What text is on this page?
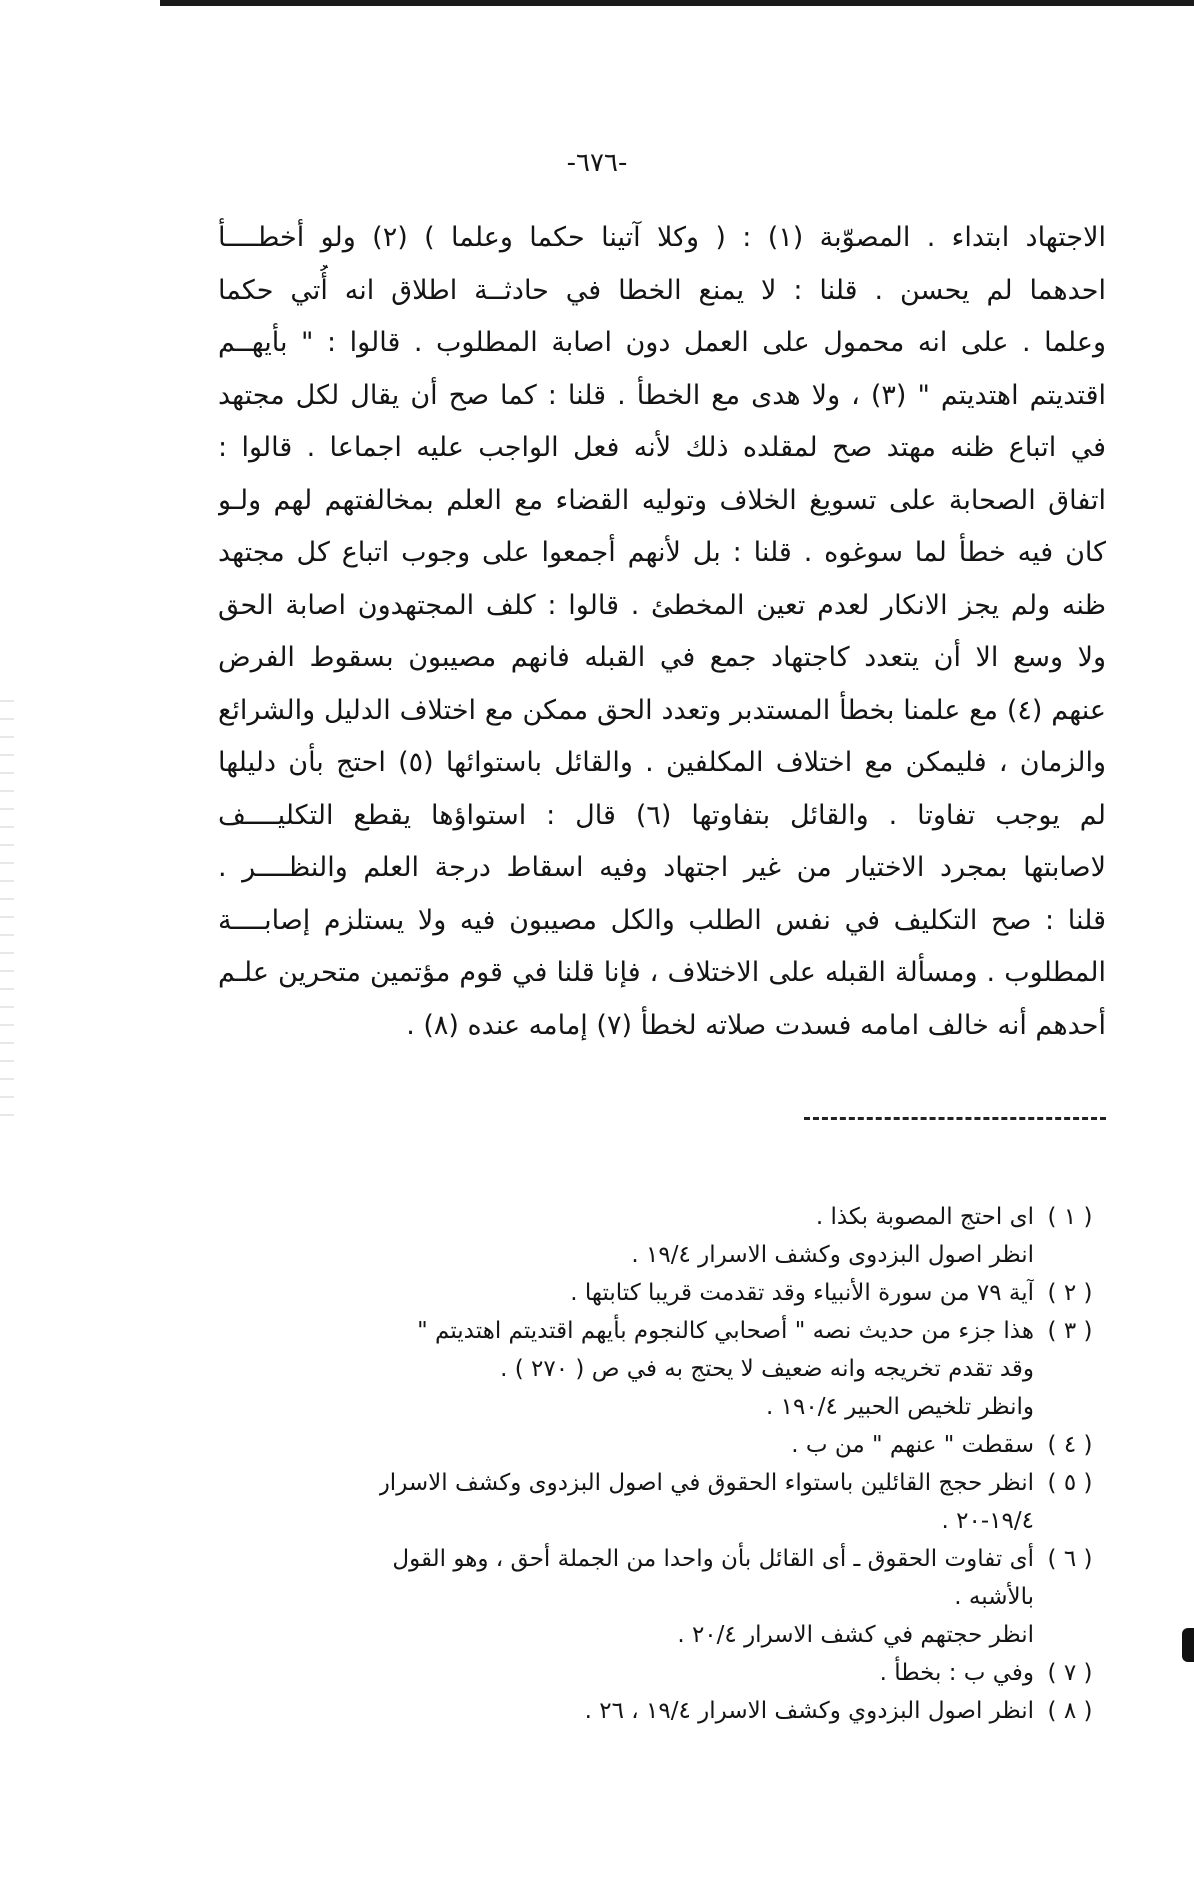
-٦٧٦-
الاجتهاد ابتداء . المصوّبة (١) : ( وكلا آتينا حكما وعلما ) (٢) ولو أخطــــأ
احدهما لم يحسن . قلنا : لا يمنع الخطا في حادثــة اطلاق انه أُتي حكما
وعلما . على انه محمول على العمل دون اصابة المطلوب . قالوا : " بأيهــم
اقتديتم اهتديتم " (٣) ، ولا هدى مع الخطأ . قلنا : كما صح أن يقال لكل مجتهد
في اتباع ظنه مهتد صح لمقلده ذلك لأنه فعل الواجب عليه اجماعا . قالوا :
اتفاق الصحابة على تسويغ الخلاف وتوليه القضاء مع العلم بمخالفتهم لهم ولـو
كان فيه خطأ لما سوغوه . قلنا : بل لأنهم أجمعوا على وجوب اتباع كل مجتهد
ظنه ولم يجز الانكار لعدم تعين المخطئ . قالوا : كلف المجتهدون اصابة الحق
ولا وسع الا أن يتعدد كاجتهاد جمع في القبله فانهم مصيبون بسقوط الفرض
عنهم (٤) مع علمنا بخطأ المستدبر وتعدد الحق ممكن مع اختلاف الدليل والشرائع
والزمان ، فليمكن مع اختلاف المكلفين . والقائل باستوائها (٥) احتج بأن دليلها
لم يوجب تفاوتا . والقائل بتفاوتها (٦) قال : استواؤها يقطع التكليــــف
لاصابتها بمجرد الاختيار من غير اجتهاد وفيه اسقاط درجة العلم والنظــــر .
قلنا : صح التكليف في نفس الطلب والكل مصيبون فيه ولا يستلزم إصابــــة
المطلوب . ومسألة القبله على الاختلاف ، فإنا قلنا في قوم مؤتمين متحرين علـم
أحدهم أنه خالف امامه فسدت صلاته لخطأ (٧) إمامه عنده (٨) .
( ١ )
اى احتج المصوبة بكذا .
انظر اصول البزدوى وكشف الاسرار ١٩/٤ .
( ٢ )
آية ٧٩ من سورة الأنبياء وقد تقدمت قريبا كتابتها .
( ٣ )
هذا جزء من حديث نصه " أصحابي كالنجوم بأيهم اقتديتم اهتديتم "
وقد تقدم تخريجه وانه ضعيف لا يحتج به في ص ( ٢٧٠ ) .
وانظر تلخيص الحبير ١٩٠/٤ .
( ٤ )
سقطت " عنهم " من ب .
( ٥ )
انظر حجج القائلين باستواء الحقوق في اصول البزدوى وكشف الاسرار
١٩/٤-٢٠ .
( ٦ )
أى تفاوت الحقوق ـ أى القائل بأن واحدا من الجملة أحق ، وهو القول
بالأشبه .
انظر حجتهم في كشف الاسرار ٢٠/٤ .
( ٧ )
وفي ب : بخطأ .
( ٨ )
انظر اصول البزدوي وكشف الاسرار ١٩/٤ ، ٢٦ .
